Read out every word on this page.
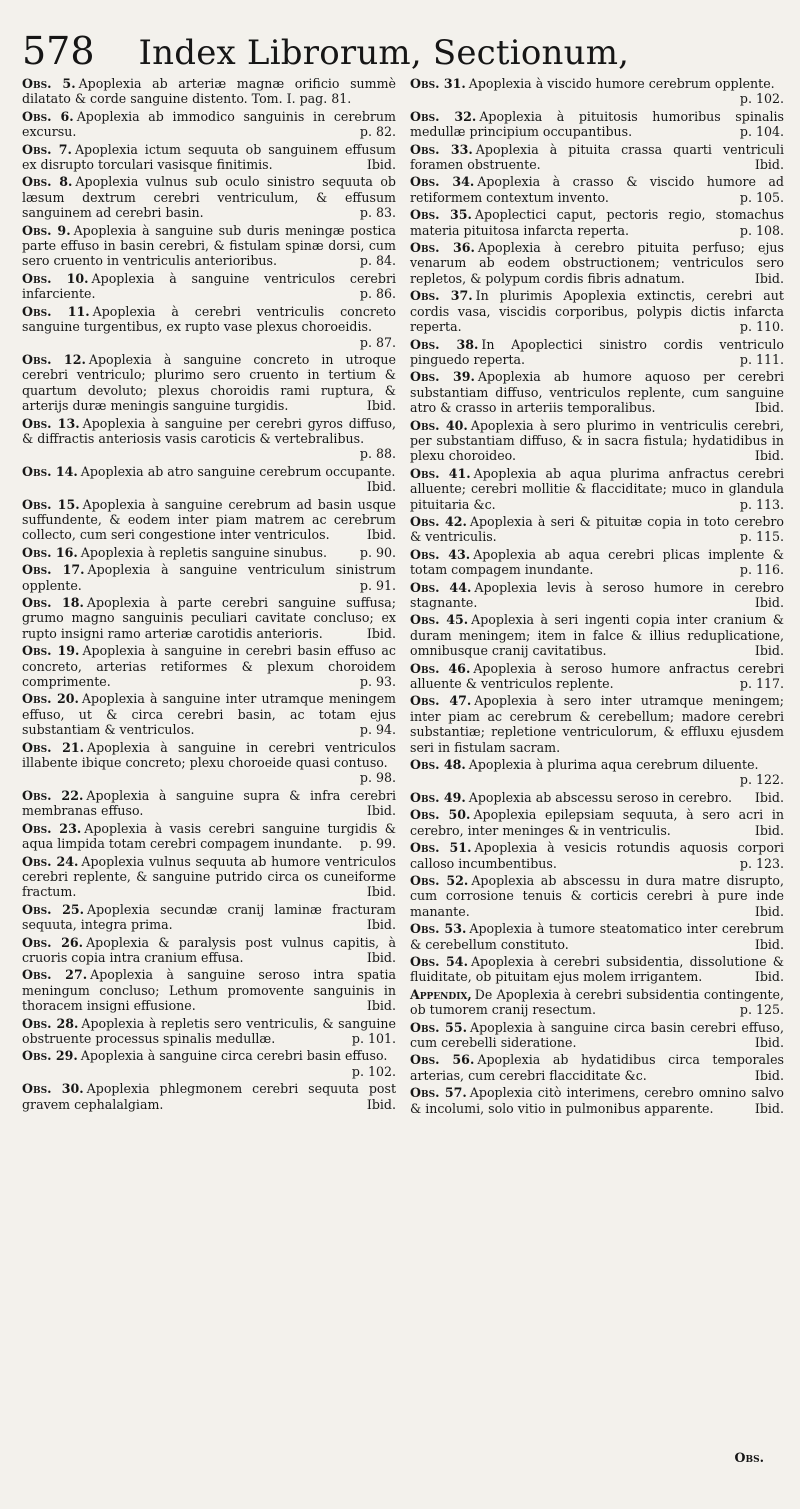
578 Index Librorum, Sectionum,
Obs. 5. Apoplexia ab arteriæ magnæ orificio summè dilatato & corde sanguine distento. Tom. I. pag. 81.
Obs. 6. Apoplexia ab immodico sanguinis in cerebrum excursu.	p. 82.
Obs. 7. Apoplexia ictum sequuta ob sanguinem effusum ex disrupto torculari vasisque finitimis.	Ibid.
Obs. 8. Apoplexia vulnus sub oculo sinistro sequuta ob læsum dextrum cerebri ventriculum, & effusum sanguinem ad cerebri basin.	p. 83.
Obs. 9. Apoplexia à sanguine sub duris meningæ postica parte effuso in basin cerebri, & fistulam spinæ dorsi, cum sero cruento in ventriculis anterioribus.	p. 84.
Obs. 10. Apoplexia à sanguine ventriculos cerebri infarciente.	p. 86.
Obs. 11. Apoplexia à cerebri ventriculis concreto sanguine turgentibus, ex rupto vase plexus choroeidis.
p. 87.
Obs. 12. Apoplexia à sanguine concreto in utroque cerebri ventriculo; plurimo sero cruento in tertium & quartum devoluto; plexus choroidis rami ruptura, & arterijs duræ meningis sanguine turgidis.	Ibid.
Obs. 13. Apoplexia à sanguine per cerebri gyros diffuso, & diffractis anteriosis vasis caroticis & vertebralibus.
p. 88.
Obs. 14. Apoplexia ab atro sanguine cerebrum occupante.
Ibid.
Obs. 15. Apoplexia à sanguine cerebrum ad basin usque suffundente, & eodem inter piam matrem ac cerebrum collecto, cum seri congestione inter ventriculos.	Ibid.
Obs. 16. Apoplexia à repletis sanguine sinubus.	p. 90.
Obs. 17. Apoplexia à sanguine ventriculum sinistrum opplente.	p. 91.
Obs. 18. Apoplexia à parte cerebri sanguine suffusa; grumo magno sanguinis peculiari cavitate concluso; ex rupto insigni ramo arteriæ carotidis anterioris.	Ibid.
Obs. 19. Apoplexia à sanguine in cerebri basin effuso ac concreto, arterias retiformes & plexum choroidem comprimente.	p. 93.
Obs. 20. Apoplexia à sanguine inter utramque meningem effuso, ut & circa cerebri basin, ac totam ejus substantiam & ventriculos.	p. 94.
Obs. 21. Apoplexia à sanguine in cerebri ventriculos illabente ibique concreto; plexu choroeide quasi contuso.
p. 98.
Obs. 22. Apoplexia à sanguine supra & infra cerebri membranas effuso.	Ibid.
Obs. 23. Apoplexia à vasis cerebri sanguine turgidis & aqua limpida totam cerebri compagem inundante. p. 99.
Obs. 24. Apoplexia vulnus sequuta ab humore ventriculos cerebri replente, & sanguine putrido circa os cuneiforme fractum.	Ibid.
Obs. 25. Apoplexia secundæ cranij laminæ fracturam sequuta, integra prima.	Ibid.
Obs. 26. Apoplexia & paralysis post vulnus capitis, à cruoris copia intra cranium effusa.	Ibid.
Obs. 27. Apoplexia à sanguine seroso intra spatia meningum concluso; Lethum promovente sanguinis in thoracem insigni effusione.	Ibid.
Obs. 28. Apoplexia à repletis sero ventriculis, & sanguine obstruente processus spinalis medullæ.	p. 101.
Obs. 29. Apoplexia à sanguine circa cerebri basin effuso.
p. 102.
Obs. 30. Apoplexia phlegmonem cerebri sequuta post gravem cephalalgiam.	Ibid.
Obs. 31. Apoplexia à viscido humore cerebrum opplente.
p. 102.
Obs. 32. Apoplexia à pituitosis humoribus spinalis medullæ principium occupantibus.	p. 104.
Obs. 33. Apoplexia à pituita crassa quarti ventriculi foramen obstruente.	Ibid.
Obs. 34. Apoplexia à crasso & viscido humore ad retiformem contextum invento.	p. 105.
Obs. 35. Apoplectici caput, pectoris regio, stomachus materia pituitosa infarcta reperta.	p. 108.
Obs. 36. Apoplexia à cerebro pituita perfuso; ejus venarum ab eodem obstructionem; ventriculos sero repletos, & polypum cordis fibris adnatum.	Ibid.
Obs. 37. In plurimis Apoplexia extinctis, cerebri aut cordis vasa, viscidis corporibus, polypis dictis infarcta reperta.	p. 110.
Obs. 38. In Apoplectici sinistro cordis ventriculo pinguedo reperta.	p. 111.
Obs. 39. Apoplexia ab humore aquoso per cerebri substantiam diffuso, ventriculos replente, cum sanguine atro & crasso in arteriis temporalibus.	Ibid.
Obs. 40. Apoplexia à sero plurimo in ventriculis cerebri, per substantiam diffuso, & in sacra fistula; hydatidibus in plexu choroideo.	Ibid.
Obs. 41. Apoplexia ab aqua plurima anfractus cerebri alluente; cerebri mollitie & flacciditate; muco in glandula pituitaria &c.	p. 113.
Obs. 42. Apoplexia à seri & pituitæ copia in toto cerebro & ventriculis.	p. 115.
Obs. 43. Apoplexia ab aqua cerebri plicas implente & totam compagem inundante.	p. 116.
Obs. 44. Apoplexia levis à seroso humore in cerebro stagnante.	Ibid.
Obs. 45. Apoplexia à seri ingenti copia inter cranium & duram meningem; item in falce & illius reduplicatione, omnibusque cranij cavitatibus.	Ibid.
Obs. 46. Apoplexia à seroso humore anfractus cerebri alluente & ventriculos replente.	p. 117.
Obs. 47. Apoplexia à sero inter utramque meningem; inter piam ac cerebrum & cerebellum; madore cerebri substantiæ; repletione ventriculorum, & effluxu ejusdem seri in fistulam sacram.
Obs. 48. Apoplexia à plurima aqua cerebrum diluente.
p. 122.
Obs. 49. Apoplexia ab abscessu seroso in cerebro. Ibid.
Obs. 50. Apoplexia epilepsiam sequuta, à sero acri in cerebro, inter meninges & in ventriculis.	Ibid.
Obs. 51. Apoplexia à vesicis rotundis aquosis corpori calloso incumbentibus.	p. 123.
Obs. 52. Apoplexia ab abscessu in dura matre disrupto, cum corrosione tenuis & corticis cerebri à pure inde manante.	Ibid.
Obs. 53. Apoplexia à tumore steatomatico inter cerebrum & cerebellum constituto.	Ibid.
Obs. 54. Apoplexia à cerebri subsidentia, dissolutione & fluiditate, ob pituitam ejus molem irrigantem.	Ibid.
Appendix, De Apoplexia à cerebri subsidentia contingente, ob tumorem cranij resectum.	p. 125.
Obs. 55. Apoplexia à sanguine circa basin cerebri effuso, cum cerebelli sideratione.	Ibid.
Obs. 56. Apoplexia ab hydatidibus circa temporales arterias, cum cerebri flacciditate &c.	Ibid.
Obs. 57. Apoplexia citò interimens, cerebro omnino salvo & incolumi, solo vitio in pulmonibus apparente.	Ibid.
Obs.
